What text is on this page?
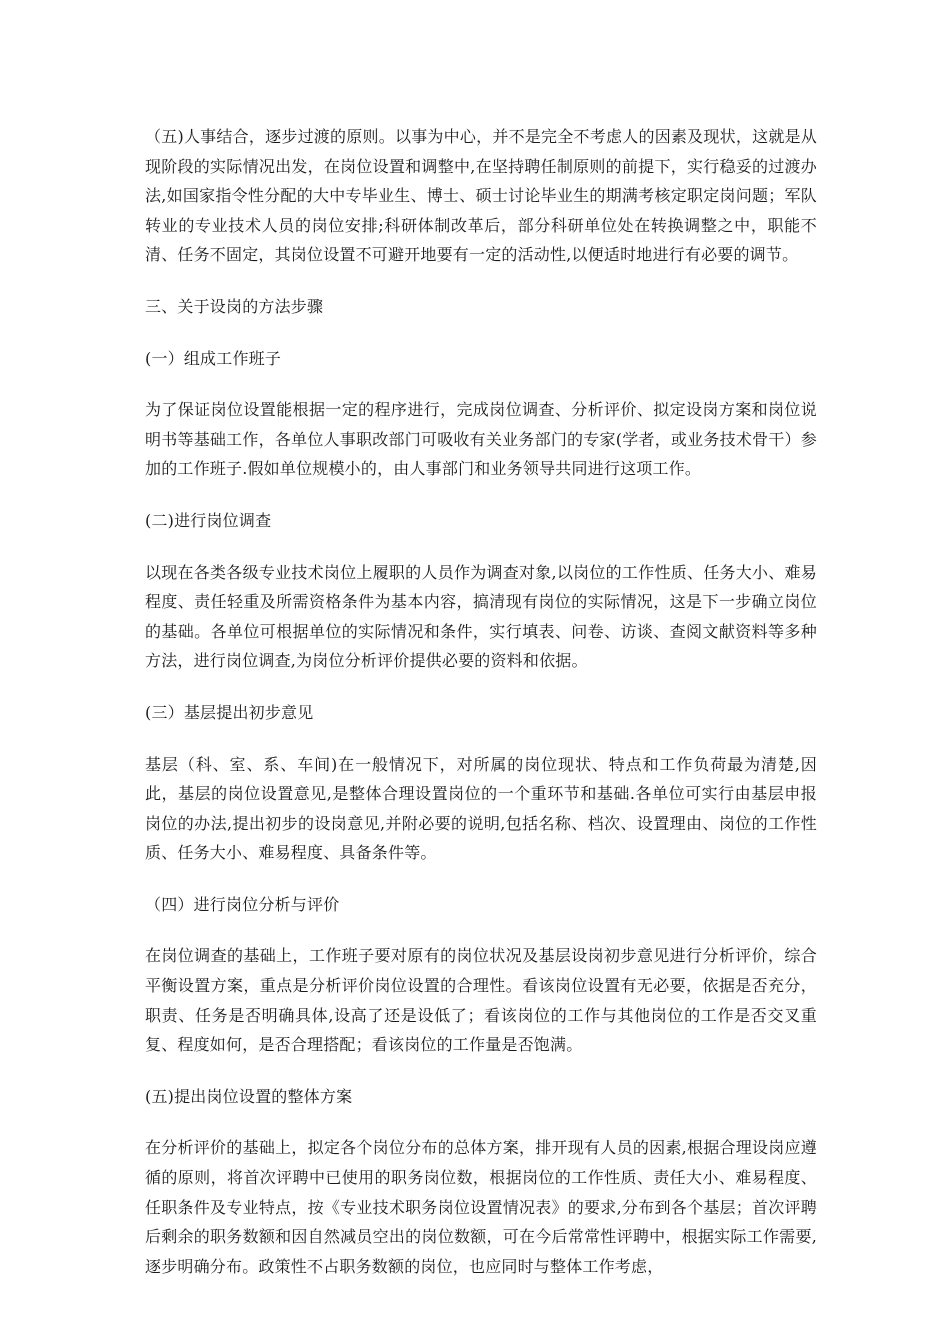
（五)人事结合，逐步过渡的原则。以事为中心，并不是完全不考虑人的因素及现状，这就是从现阶段的实际情况出发，在岗位设置和调整中,在坚持聘任制原则的前提下，实行稳妥的过渡办法,如国家指令性分配的大中专毕业生、博士、硕士讨论毕业生的期满考核定职定岗问题；军队转业的专业技术人员的岗位安排;科研体制改革后，部分科研单位处在转换调整之中，职能不清、任务不固定，其岗位设置不可避开地要有一定的活动性,以便适时地进行有必要的调节。

三、关于设岗的方法步骤

(一）组成工作班子

为了保证岗位设置能根据一定的程序进行，完成岗位调查、分析评价、拟定设岗方案和岗位说明书等基础工作，各单位人事职改部门可吸收有关业务部门的专家(学者，或业务技术骨干）参加的工作班子.假如单位规模小的，由人事部门和业务领导共同进行这项工作。

(二)进行岗位调查

以现在各类各级专业技术岗位上履职的人员作为调查对象,以岗位的工作性质、任务大小、难易程度、责任轻重及所需资格条件为基本内容，搞清现有岗位的实际情况，这是下一步确立岗位的基础。各单位可根据单位的实际情况和条件，实行填表、问卷、访谈、查阅文献资料等多种方法，进行岗位调查,为岗位分析评价提供必要的资料和依据。

(三）基层提出初步意见

基层（科、室、系、车间)在一般情况下，对所属的岗位现状、特点和工作负荷最为清楚,因此，基层的岗位设置意见,是整体合理设置岗位的一个重环节和基础.各单位可实行由基层申报岗位的办法,提出初步的设岗意见,并附必要的说明,包括名称、档次、设置理由、岗位的工作性质、任务大小、难易程度、具备条件等。

（四）进行岗位分析与评价

在岗位调查的基础上，工作班子要对原有的岗位状况及基层设岗初步意见进行分析评价，综合平衡设置方案，重点是分析评价岗位设置的合理性。看该岗位设置有无必要，依据是否充分，职责、任务是否明确具体,设高了还是设低了；看该岗位的工作与其他岗位的工作是否交叉重复、程度如何，是否合理搭配；看该岗位的工作量是否饱满。

(五)提出岗位设置的整体方案

在分析评价的基础上，拟定各个岗位分布的总体方案，排开现有人员的因素,根据合理设岗应遵循的原则，将首次评聘中已使用的职务岗位数，根据岗位的工作性质、责任大小、难易程度、任职条件及专业特点，按《专业技术职务岗位设置情况表》的要求,分布到各个基层；首次评聘后剩余的职务数额和因自然减员空出的岗位数额，可在今后常常性评聘中，根据实际工作需要,逐步明确分布。政策性不占职务数额的岗位，也应同时与整体工作考虑，
